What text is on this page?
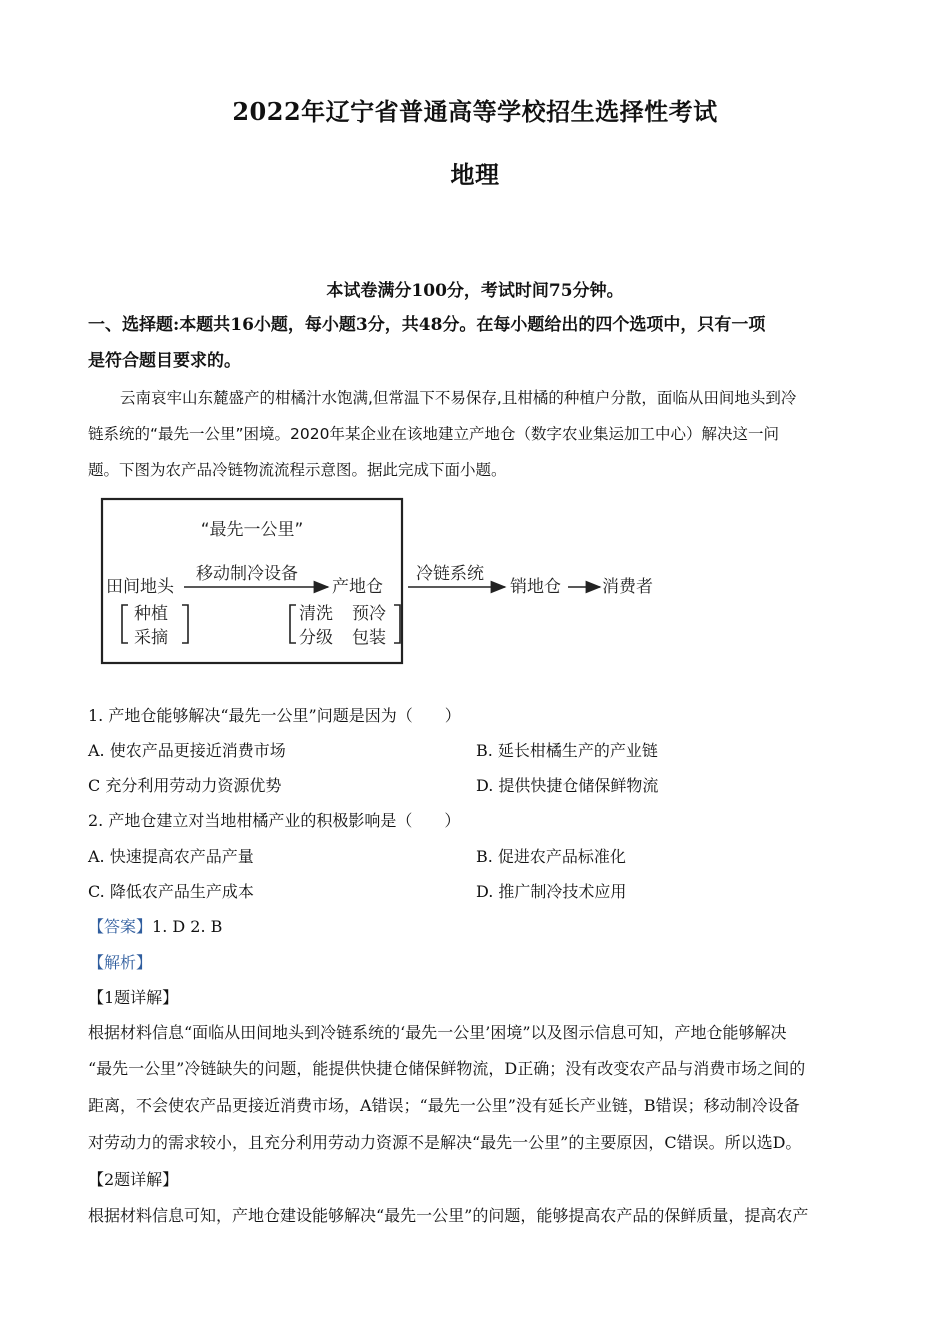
2022年辽宁省普通高等学校招生选择性考试
地理
本试卷满分100分，考试时间75分钟。
一、选择题:本题共16小题，每小题3分，共48分。在每小题给出的四个选项中，只有一项
是符合题目要求的。
云南哀牢山东麓盛产的柑橘汁水饱满,但常温下不易保存,且柑橘的种植户分散，面临从田间地头到冷
链系统的“最先一公里”困境。2020年某企业在该地建立产地仓（数字农业集运加工中心）解决这一问
题。下图为农产品冷链物流流程示意图。据此完成下面小题。
“最先一公里”
田间地头
移动制冷设备
产地仓
冷链系统
销地仓 消费者
种植
采摘
清洗 预冷
分级 包装
1. 产地仓能够解决“最先一公里”问题是因为（　　）
A. 使农产品更接近消费市场	B. 延长柑橘生产的产业链
C 充分利用劳动力资源优势	D. 提供快捷仓储保鲜物流
2. 产地仓建立对当地柑橘产业的积极影响是（　　）
A. 快速提高农产品产量	B. 促进农产品标准化
C. 降低农产品生产成本	D. 推广制冷技术应用
【答案】1. D 2. B
【解析】
【1题详解】
根据材料信息“面临从田间地头到冷链系统的‘最先一公里’困境”以及图示信息可知，产地仓能够解决
“最先一公里”冷链缺失的问题，能提供快捷仓储保鲜物流，D正确；没有改变农产品与消费市场之间的
距离，不会使农产品更接近消费市场，A错误；“最先一公里”没有延长产业链，B错误；移动制冷设备
对劳动力的需求较小，且充分利用劳动力资源不是解决“最先一公里”的主要原因，C错误。所以选D。
【2题详解】
根据材料信息可知，产地仓建设能够解决“最先一公里”的问题，能够提高农产品的保鲜质量，提高农产
